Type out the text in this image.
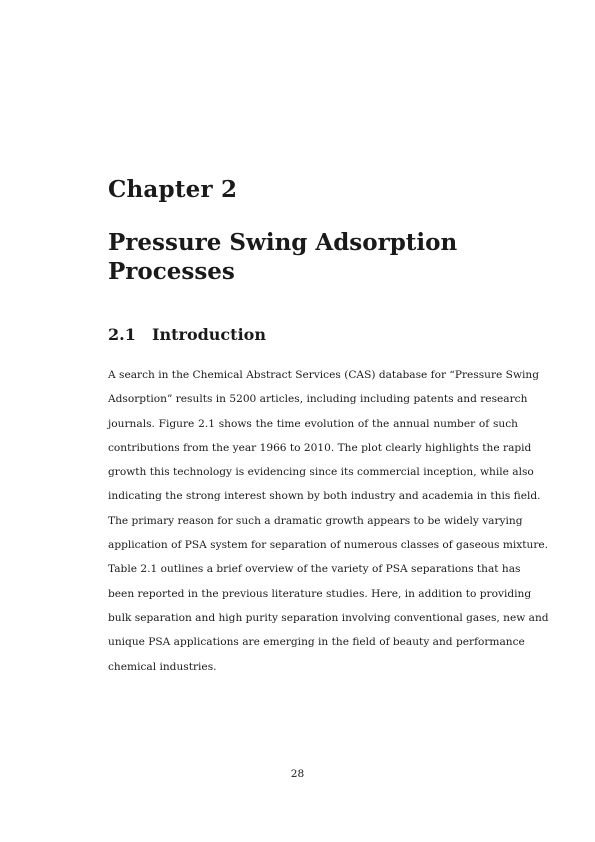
Chapter 2
Pressure Swing Adsorption Processes
2.1 Introduction
A search in the Chemical Abstract Services (CAS) database for “Pressure Swing
Adsorption” results in 5200 articles, including including patents and research
journals. Figure 2.1 shows the time evolution of the annual number of such
contributions from the year 1966 to 2010. The plot clearly highlights the rapid
growth this technology is evidencing since its commercial inception, while also
indicating the strong interest shown by both industry and academia in this field.
The primary reason for such a dramatic growth appears to be widely varying
application of PSA system for separation of numerous classes of gaseous mixture.
Table 2.1 outlines a brief overview of the variety of PSA separations that has
been reported in the previous literature studies. Here, in addition to providing
bulk separation and high purity separation involving conventional gases, new and
unique PSA applications are emerging in the field of beauty and performance
chemical industries.
28
